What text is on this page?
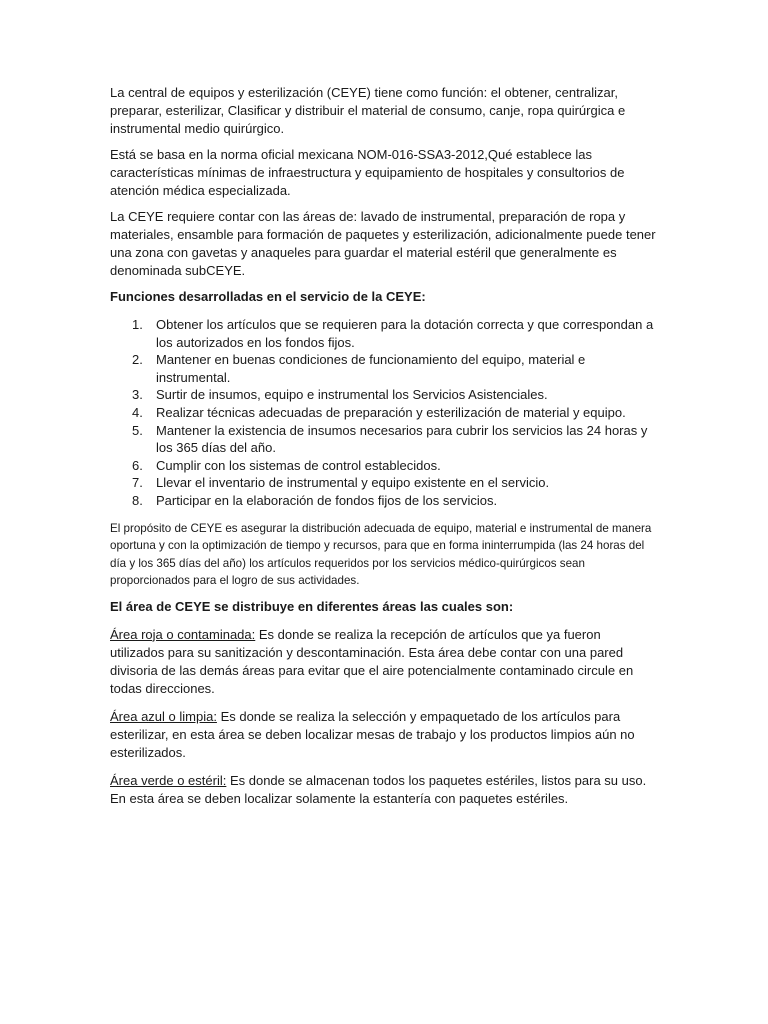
La central de equipos y esterilización (CEYE) tiene como función: el obtener, centralizar, preparar, esterilizar, Clasificar y distribuir el material de consumo, canje, ropa quirúrgica e instrumental medio quirúrgico.

Está se basa en la norma oficial mexicana NOM-016-SSA3-2012,Qué establece las características mínimas de infraestructura y equipamiento de hospitales y consultorios de atención médica especializada.

La CEYE requiere contar con las áreas de: lavado de instrumental, preparación de ropa y materiales, ensamble para formación de paquetes y esterilización, adicionalmente puede tener una zona con gavetas y anaqueles para guardar el material estéril que generalmente es denominada subCEYE.

Funciones desarrolladas en el servicio de la CEYE:

1. Obtener los artículos que se requieren para la dotación correcta y que correspondan a los autorizados en los fondos fijos.
2. Mantener en buenas condiciones de funcionamiento del equipo, material e instrumental.
3. Surtir de insumos, equipo e instrumental los Servicios Asistenciales.
4. Realizar técnicas adecuadas de preparación y esterilización de material y equipo.
5. Mantener la existencia de insumos necesarios para cubrir los servicios las 24 horas y los 365 días del año.
6. Cumplir con los sistemas de control establecidos.
7. Llevar el inventario de instrumental y equipo existente en el servicio.
8. Participar en la elaboración de fondos fijos de los servicios.

El propósito de CEYE es asegurar la distribución adecuada de equipo, material e instrumental de manera oportuna y con la optimización de tiempo y recursos, para que en forma ininterrumpida (las 24 horas del día y los 365 días del año) los artículos requeridos por los servicios médico-quirúrgicos sean proporcionados para el logro de sus actividades.

El área de CEYE se distribuye en diferentes áreas las cuales son:

Área roja o contaminada: Es donde se realiza la recepción de artículos que ya fueron utilizados para su sanitización y descontaminación. Esta área debe contar con una pared divisoria de las demás áreas para evitar que el aire potencialmente contaminado circule en todas direcciones.

Área azul o limpia: Es donde se realiza la selección y empaquetado de los artículos para esterilizar, en esta área se deben localizar mesas de trabajo y los productos limpios aún no esterilizados.

Área verde o estéril: Es donde se almacenan todos los paquetes estériles, listos para su uso. En esta área se deben localizar solamente la estantería con paquetes estériles.
